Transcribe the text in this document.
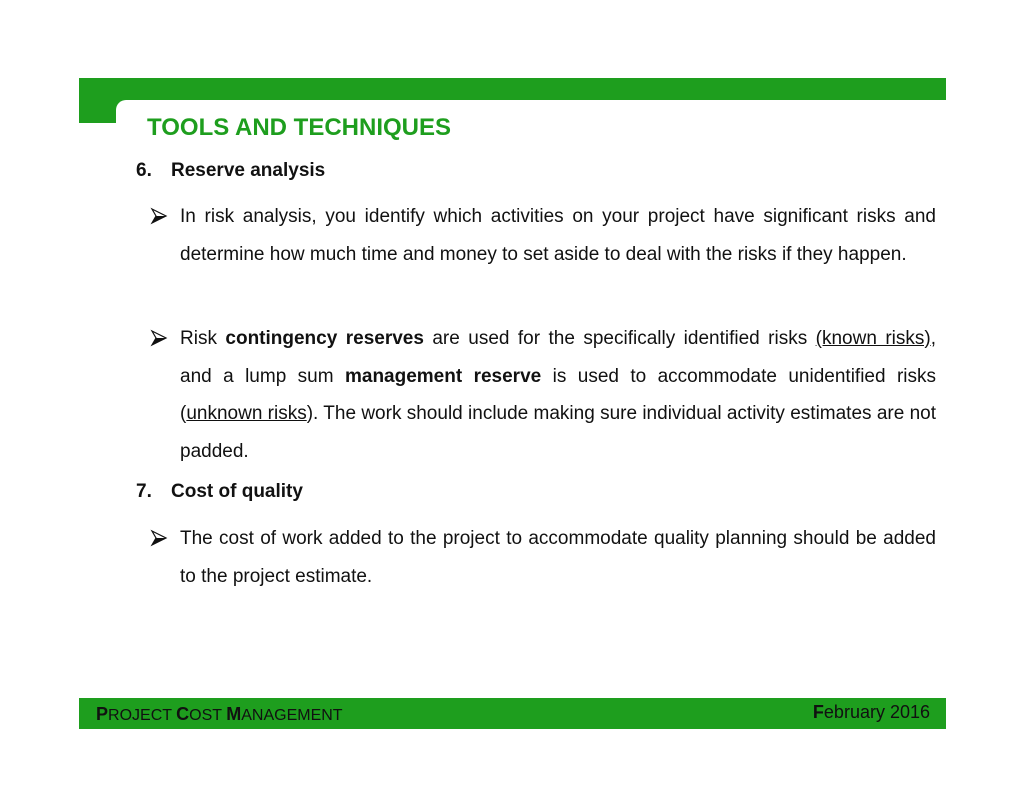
TOOLS AND TECHNIQUES
6. Reserve analysis

In risk analysis, you identify which activities on your project have significant risks and determine how much time and money to set aside to deal with the risks if they happen.

Risk contingency reserves are used for the specifically identified risks (known risks), and a lump sum management reserve is used to accommodate unidentified risks (unknown risks). The work should include making sure individual activity estimates are not padded.

7. Cost of quality

The cost of work added to the project to accommodate quality planning should be added to the project estimate.

PROJECT COST MANAGEMENT	February 2016
